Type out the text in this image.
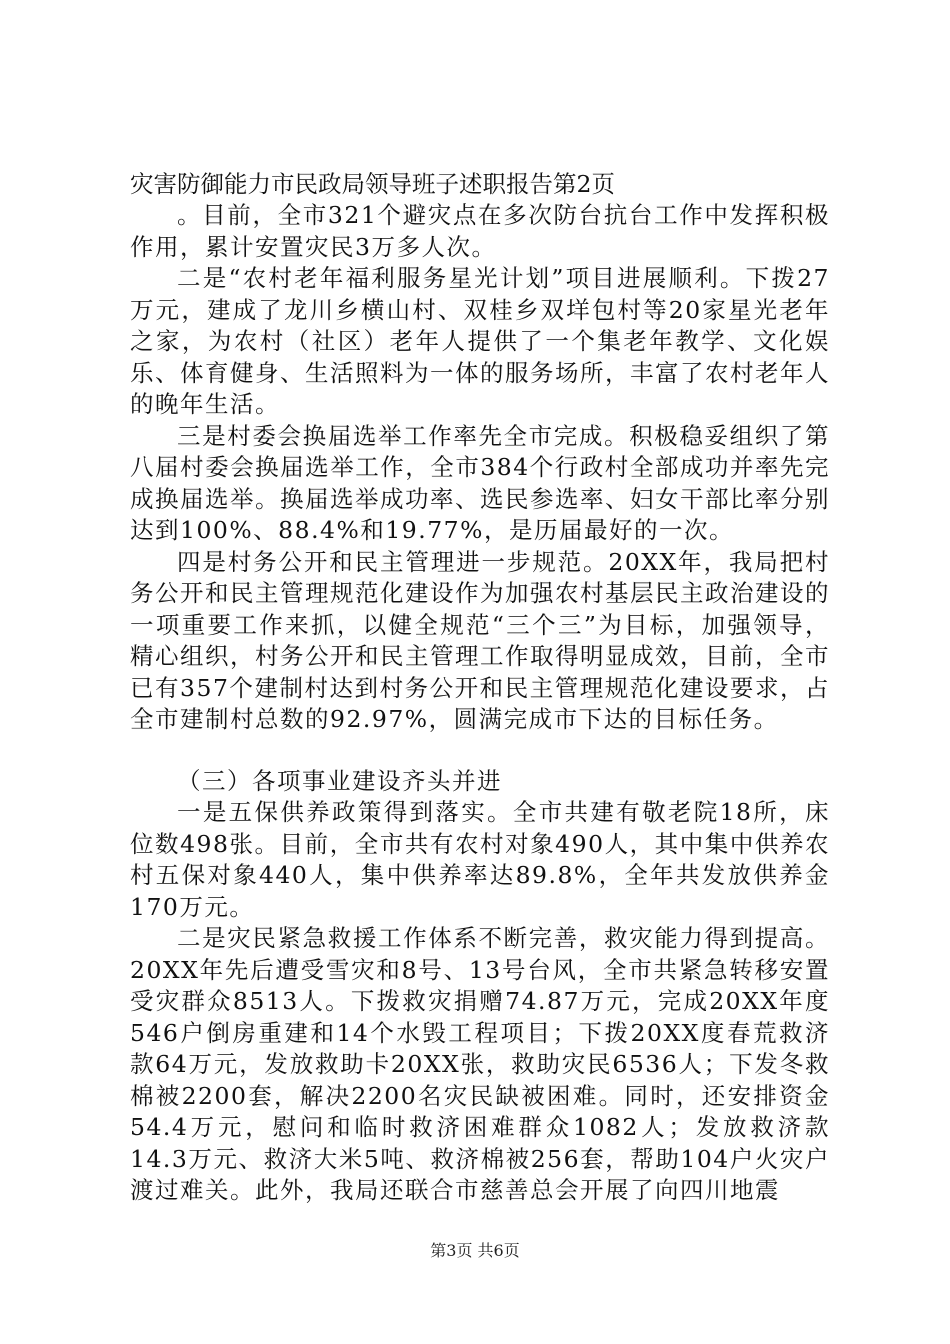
灾害防御能力市民政局领导班子述职报告第2页

。目前，全市321个避灾点在多次防台抗台工作中发挥积极作用，累计安置灾民3万多人次。

二是“农村老年福利服务星光计划”项目进展顺利。下拨27万元，建成了龙川乡横山村、双桂乡双垟包村等20家星光老年之家，为农村（社区）老年人提供了一个集老年教学、文化娱乐、体育健身、生活照料为一体的服务场所，丰富了农村老年人的晚年生活。

三是村委会换届选举工作率先全市完成。积极稳妥组织了第八届村委会换届选举工作，全市384个行政村全部成功并率先完成换届选举。换届选举成功率、选民参选率、妇女干部比率分别达到100%、88.4%和19.77%，是历届最好的一次。

四是村务公开和民主管理进一步规范。20XX年，我局把村务公开和民主管理规范化建设作为加强农村基层民主政治建设的一项重要工作来抓，以健全规范“三个三”为目标，加强领导，精心组织，村务公开和民主管理工作取得明显成效，目前，全市已有357个建制村达到村务公开和民主管理规范化建设要求，占全市建制村总数的92.97%，圆满完成市下达的目标任务。

（三）各项事业建设齐头并进

一是五保供养政策得到落实。全市共建有敬老院18所，床位数498张。目前，全市共有农村对象490人，其中集中供养农村五保对象440人，集中供养率达89.8%，全年共发放供养金170万元。

二是灾民紧急救援工作体系不断完善，救灾能力得到提高。20XX年先后遭受雪灾和8号、13号台风，全市共紧急转移安置受灾群众8513人。下拨救灾捐赠74.87万元，完成20XX年度546户倒房重建和14个水毁工程项目；下拨20XX度春荒救济款64万元，发放救助卡20XX张，救助灾民6536人；下发冬救棉被2200套，解决2200名灾民缺被困难。同时，还安排资金54.4万元，慰问和临时救济困难群众1082人；发放救济款14.3万元、救济大米5吨、救济棉被256套，帮助104户火灾户渡过难关。此外，我局还联合市慈善总会开展了向四川地震

第3页 共6页
